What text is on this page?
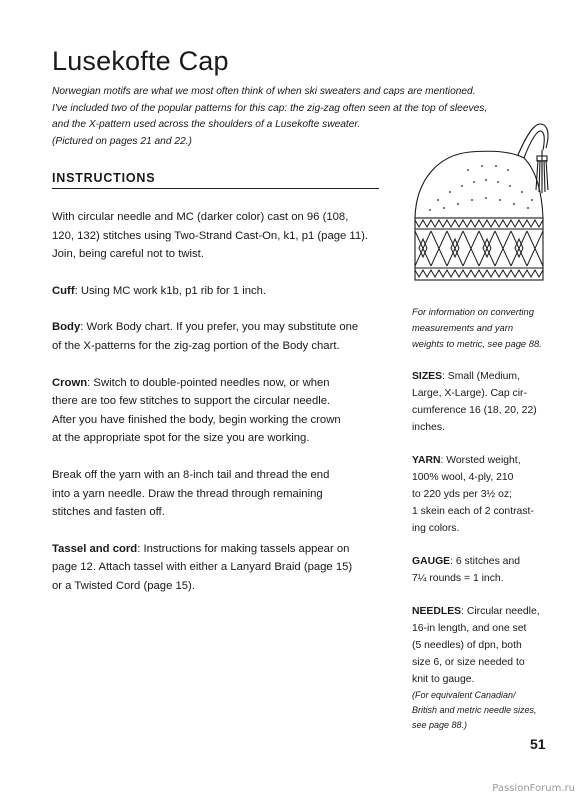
Lusekofte Cap
Norwegian motifs are what we most often think of when ski sweaters and caps are mentioned.
I've included two of the popular patterns for this cap: the zig-zag often seen at the top of sleeves,
and the X-pattern used across the shoulders of a Lusekofte sweater.
(Pictured on pages 21 and 22.)
INSTRUCTIONS

With circular needle and MC (darker color) cast on 96 (108,
120, 132) stitches using Two-Strand Cast-On, k1, p1 (page 11).
Join, being careful not to twist.

Cuff: Using MC work k1b, p1 rib for 1 inch.

Body: Work Body chart. If you prefer, you may substitute one
of the X-patterns for the zig-zag portion of the Body chart.

Crown: Switch to double-pointed needles now, or when
there are too few stitches to support the circular needle.
After you have finished the body, begin working the crown
at the appropriate spot for the size you are working.

Break off the yarn with an 8-inch tail and thread the end
into a yarn needle. Draw the thread through remaining
stitches and fasten off.

Tassel and cord: Instructions for making tassels appear on
page 12. Attach tassel with either a Lanyard Braid (page 15)
or a Twisted Cord (page 15).

For information on converting
measurements and yarn
weights to metric, see page 88.
SIZES: Small (Medium,
Large, X-Large). Cap cir-
cumference 16 (18, 20, 22)
inches.
YARN: Worsted weight,
100% wool, 4-ply, 210
to 220 yds per 3½ oz;
1 skein each of 2 contrast-
ing colors.
GAUGE: 6 stitches and
7¼ rounds = 1 inch.
NEEDLES: Circular needle,
16-in length, and one set
(5 needles) of dpn, both
size 6, or size needed to
knit to gauge.
(For equivalent Canadian/
British and metric needle sizes,
see page 88.)
51
PassionForum.ru
